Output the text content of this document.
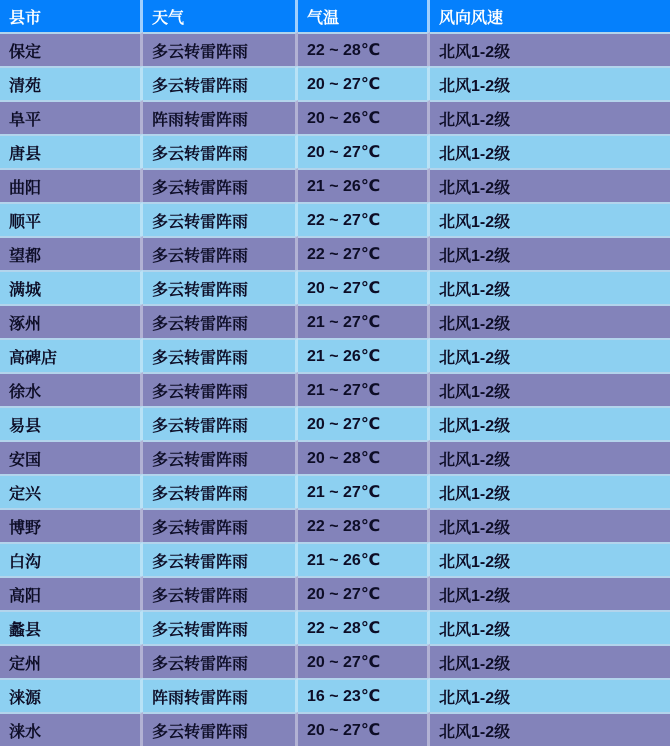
县市	天气	气温	风向风速
保定	多云转雷阵雨	22 ~ 28℃	北风1-2级
清苑	多云转雷阵雨	20 ~ 27℃	北风1-2级
阜平	阵雨转雷阵雨	20 ~ 26℃	北风1-2级
唐县	多云转雷阵雨	20 ~ 27℃	北风1-2级
曲阳	多云转雷阵雨	21 ~ 26℃	北风1-2级
顺平	多云转雷阵雨	22 ~ 27℃	北风1-2级
望都	多云转雷阵雨	22 ~ 27℃	北风1-2级
满城	多云转雷阵雨	20 ~ 27℃	北风1-2级
涿州	多云转雷阵雨	21 ~ 27℃	北风1-2级
高碑店	多云转雷阵雨	21 ~ 26℃	北风1-2级
徐水	多云转雷阵雨	21 ~ 27℃	北风1-2级
易县	多云转雷阵雨	20 ~ 27℃	北风1-2级
安国	多云转雷阵雨	20 ~ 28℃	北风1-2级
定兴	多云转雷阵雨	21 ~ 27℃	北风1-2级
博野	多云转雷阵雨	22 ~ 28℃	北风1-2级
白沟	多云转雷阵雨	21 ~ 26℃	北风1-2级
高阳	多云转雷阵雨	20 ~ 27℃	北风1-2级
蠡县	多云转雷阵雨	22 ~ 28℃	北风1-2级
定州	多云转雷阵雨	20 ~ 27℃	北风1-2级
涞源	阵雨转雷阵雨	16 ~ 23℃	北风1-2级
涞水	多云转雷阵雨	20 ~ 27℃	北风1-2级
